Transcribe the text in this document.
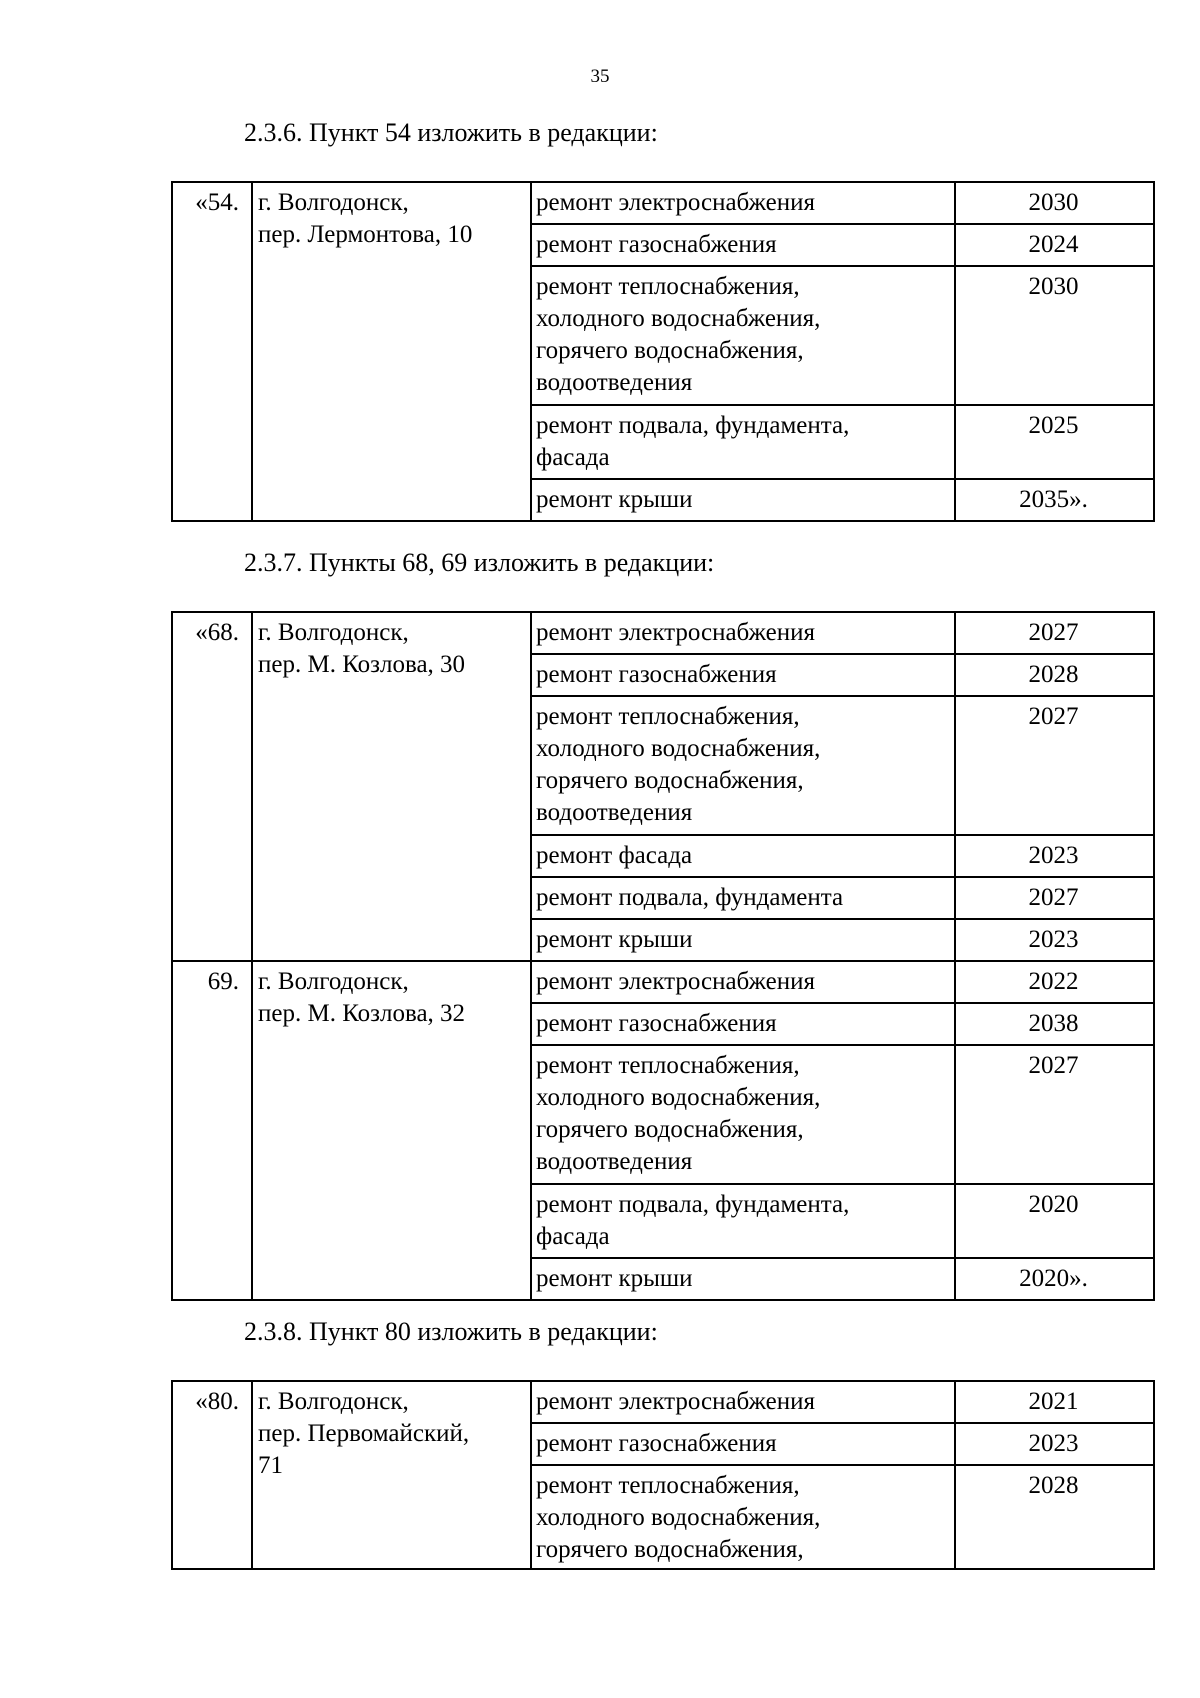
35
2.3.6. Пункт 54 изложить в редакции:
«54.	г. Волгодонск,
пер. Лермонтова, 10	ремонт электроснабжения	2030
		ремонт газоснабжения	2024
		ремонт теплоснабжения,
холодного водоснабжения,
горячего водоснабжения,
водоотведения	2030
		ремонт подвала, фундамента,
фасада	2025
		ремонт крыши	2035».
2.3.7. Пункты 68, 69 изложить в редакции:
«68.	г. Волгодонск,
пер. М. Козлова, 30	ремонт электроснабжения	2027
		ремонт газоснабжения	2028
		ремонт теплоснабжения,
холодного водоснабжения,
горячего водоснабжения,
водоотведения	2027
		ремонт фасада	2023
		ремонт подвала, фундамента	2027
		ремонт крыши	2023
69.	г. Волгодонск,
пер. М. Козлова, 32	ремонт электроснабжения	2022
		ремонт газоснабжения	2038
		ремонт теплоснабжения,
холодного водоснабжения,
горячего водоснабжения,
водоотведения	2027
		ремонт подвала, фундамента,
фасада	2020
		ремонт крыши	2020».
2.3.8. Пункт 80 изложить в редакции:
«80.	г. Волгодонск,
пер. Первомайский,
71	ремонт электроснабжения	2021
		ремонт газоснабжения	2023
		ремонт теплоснабжения,
холодного водоснабжения,
горячего водоснабжения,	2028
